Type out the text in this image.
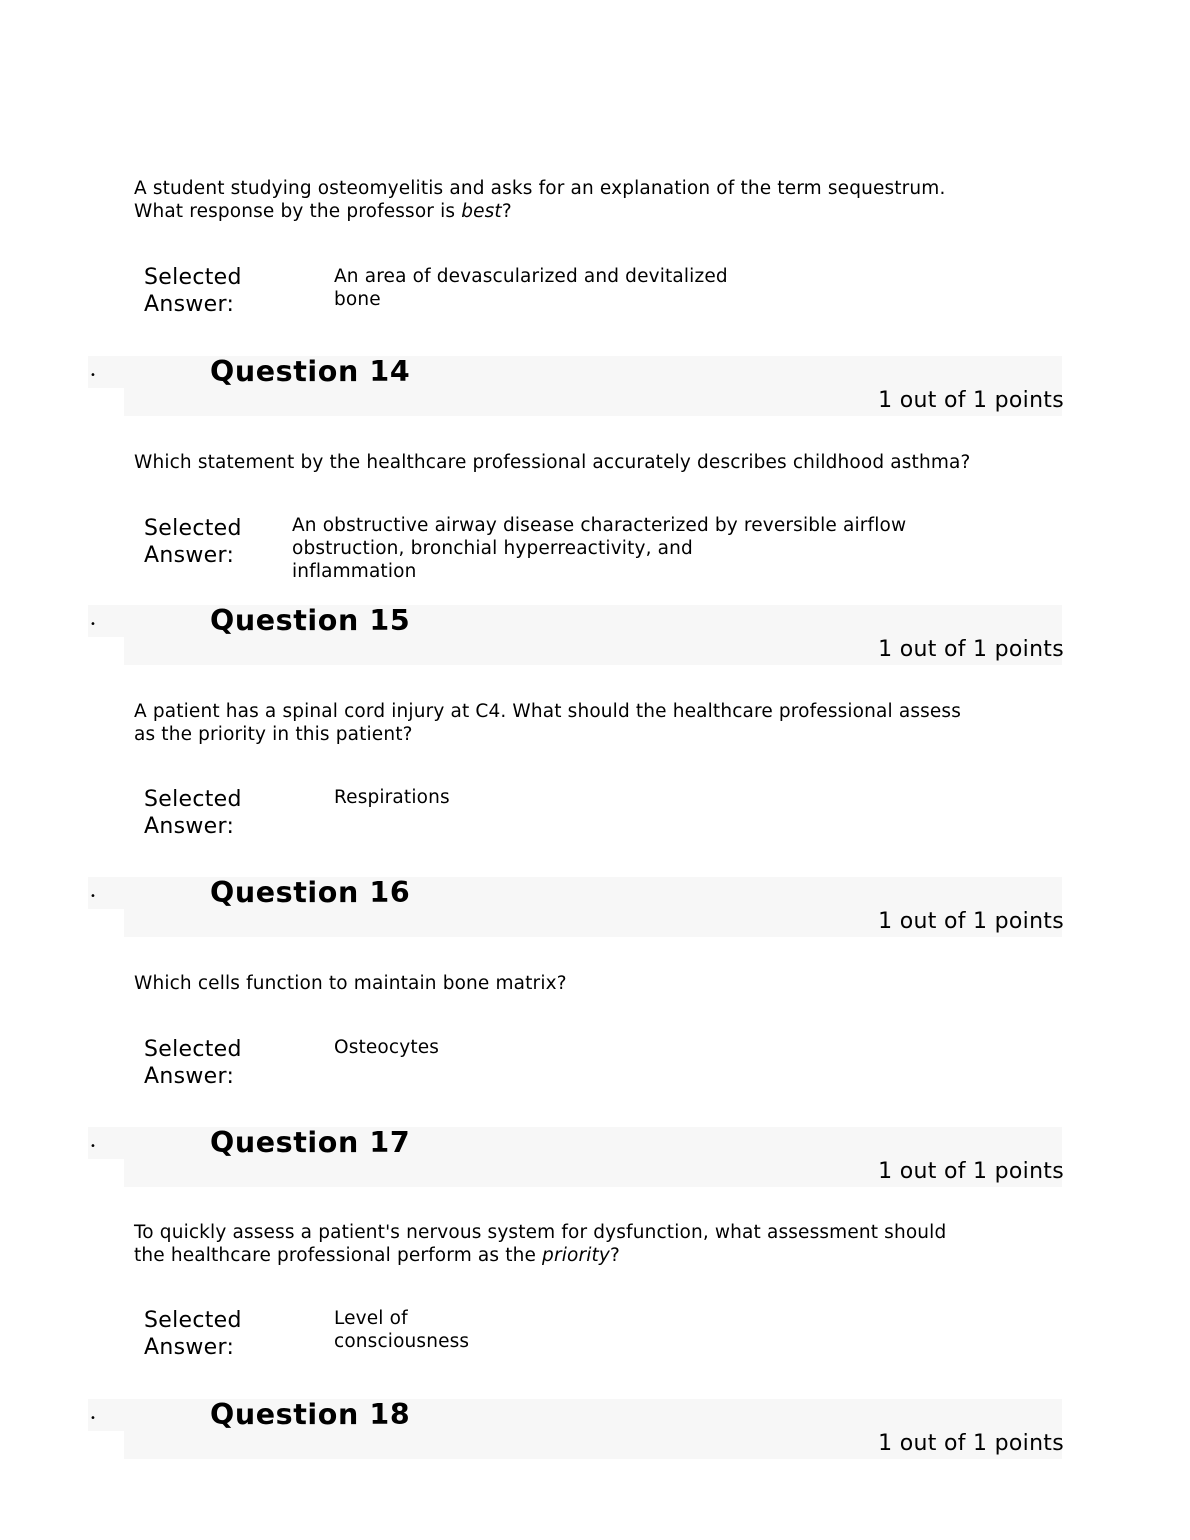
A student studying osteomyelitis and asks for an explanation of the term sequestrum.
What response by the professor is best?
Selected
Answer:
An area of devascularized and devitalized
bone
•	Question 14
1 out of 1 points
Which statement by the healthcare professional accurately describes childhood asthma?
Selected
Answer:
An obstructive airway disease characterized by reversible airflow
obstruction, bronchial hyperreactivity, and
inflammation
•	Question 15
1 out of 1 points
A patient has a spinal cord injury at C4. What should the healthcare professional assess
as the priority in this patient?
Selected
Answer:
Respirations
•	Question 16
1 out of 1 points
Which cells function to maintain bone matrix?
Selected
Answer:
Osteocytes
•	Question 17
1 out of 1 points
To quickly assess a patient's nervous system for dysfunction, what assessment should
the healthcare professional perform as the priority?
Selected
Answer:
Level of
consciousness
•	Question 18
1 out of 1 points
